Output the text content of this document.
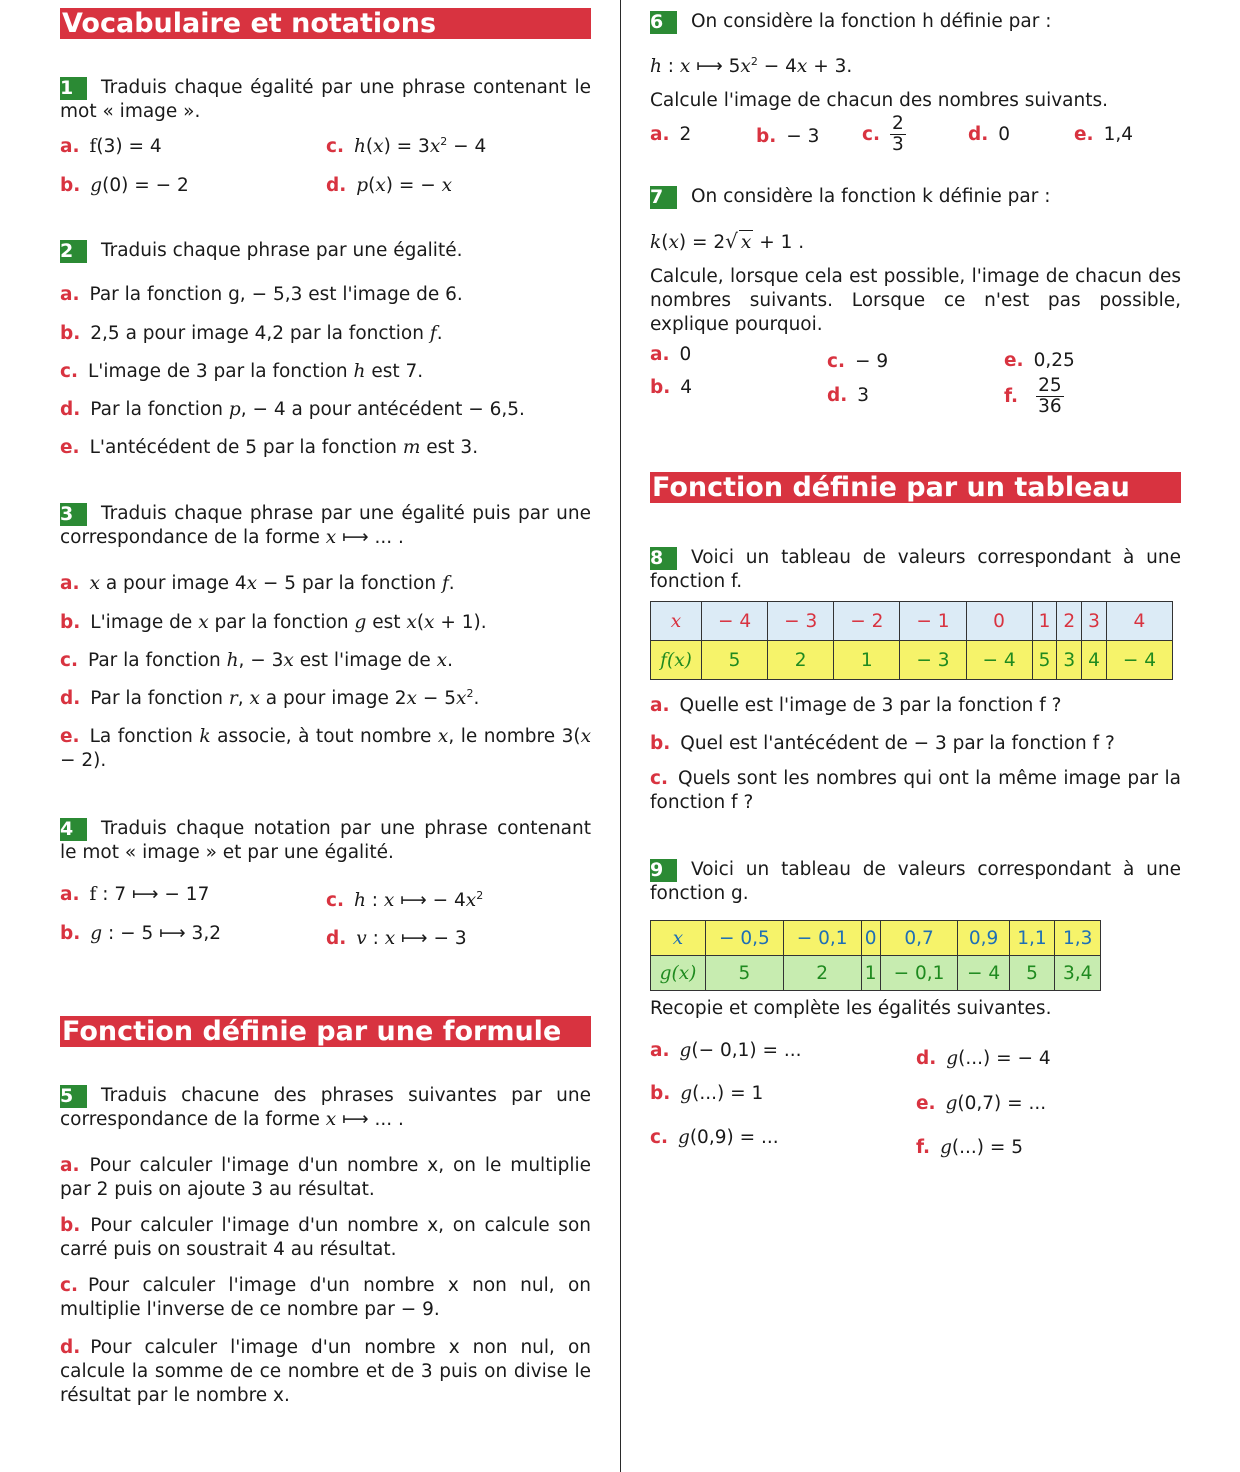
Vocabulaire et notations
1 Traduis chaque égalité par une phrase contenant le mot « image ».
a. f(3) = 4	c. $h(x) = 3x^2 - 4$
b. g(0) = − 2	d. p(x) = − x
2 Traduis chaque phrase par une égalité.
a. Par la fonction g, − 5,3 est l'image de 6.
b. 2,5 a pour image 4,2 par la fonction f.
c. L'image de 3 par la fonction h est 7.
d. Par la fonction p, − 4 a pour antécédent − 6,5.
e. L'antécédent de 5 par la fonction m est 3.
3 Traduis chaque phrase par une égalité puis par une correspondance de la forme x ⟼ ... .
a. x a pour image 4x − 5 par la fonction f.
b. L'image de x par la fonction g est x(x + 1).
c. Par la fonction h, − 3x est l'image de x.
d. Par la fonction r, x a pour image $2x - 5x^2$.
e. La fonction k associe, à tout nombre x, le nombre 3(x − 2).
4 Traduis chaque notation par une phrase contenant le mot « image » et par une égalité.
a. f : 7 ⟼ − 17	c. h : x ⟼ − $4x^2$
b. g : − 5 ⟼ 3,2	d. v : x ⟼ − 3
Fonction définie par une formule
5 Traduis chacune des phrases suivantes par une correspondance de la forme x ⟼ ... .
a. Pour calculer l'image d'un nombre x, on le multiplie par 2 puis on ajoute 3 au résultat.
b. Pour calculer l'image d'un nombre x, on calcule son carré puis on soustrait 4 au résultat.
c. Pour calculer l'image d'un nombre x non nul, on multiplie l'inverse de ce nombre par − 9.
d. Pour calculer l'image d'un nombre x non nul, on calcule la somme de ce nombre et de 3 puis on divise le résultat par le nombre x.
6 On considère la fonction h définie par :
h : x ⟼ $5x^2 - 4x + 3$.
Calcule l'image de chacun des nombres suivants.
a. 2	b. − 3 c. $\frac{2}{3}$	d. 0	e. 1,4
7 On considère la fonction k définie par :
k(x) = 2√ x + 1 .
Calcule, lorsque cela est possible, l'image de chacun des nombres suivants. Lorsque ce n'est pas possible, explique pourquoi.
a. 0
b. 4
c. − 9
d. 3
e. 0,25
f. $\frac{25}{36}$
Fonction définie par un tableau
8 Voici un tableau de valeurs correspondant à une fonction f.
x	− 4	− 3	− 2	− 1	0	1	2	3	4
f(x)	5	2	1	− 3	− 4	5	3	4	− 4
a. Quelle est l'image de 3 par la fonction f ?
b. Quel est l'antécédent de − 3 par la fonction f ?
c. Quels sont les nombres qui ont la même image par la fonction f ?
9 Voici un tableau de valeurs correspondant à une fonction g.
x	− 0,5	− 0,1	0	0,7	0,9	1,1	1,3
g(x)	5	2	1	− 0,1	− 4	5	3,4
Recopie et complète les égalités suivantes.
a. g(− 0,1) = ...
b. g(...) = 1
c. g(0,9) = ...
d. g(...) = − 4
e. g(0,7) = ...
f. g(...) = 5
